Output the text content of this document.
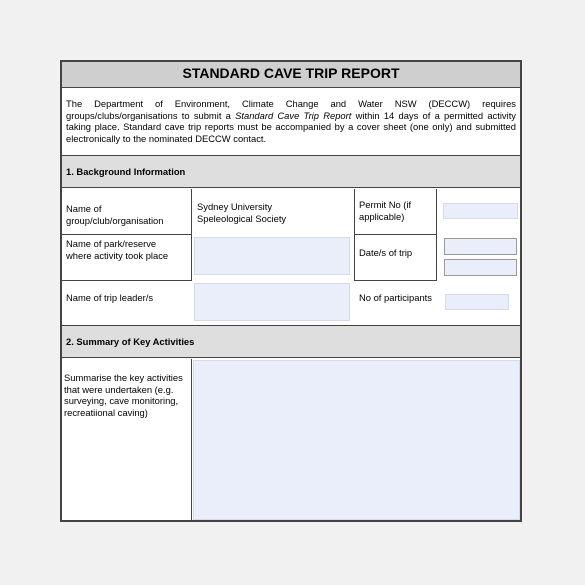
STANDARD CAVE TRIP REPORT
The Department of Environment, Climate Change and Water NSW (DECCW) requires groups/clubs/organisations to submit a Standard Cave Trip Report within 14 days of a permitted activity taking place. Standard cave trip reports must be accompanied by a cover sheet (one only) and submitted electronically to the nominated DECCW contact.
1. Background Information
Name of group/club/organisation
Sydney University Speleological Society
Permit No (if applicable)
Name of park/reserve where activity took place	Date/s of trip
Name of trip leader/s	No of participants
2. Summary of Key Activities
Summarise the key activities that were undertaken (e.g. surveying, cave monitoring, recreatiional caving)
